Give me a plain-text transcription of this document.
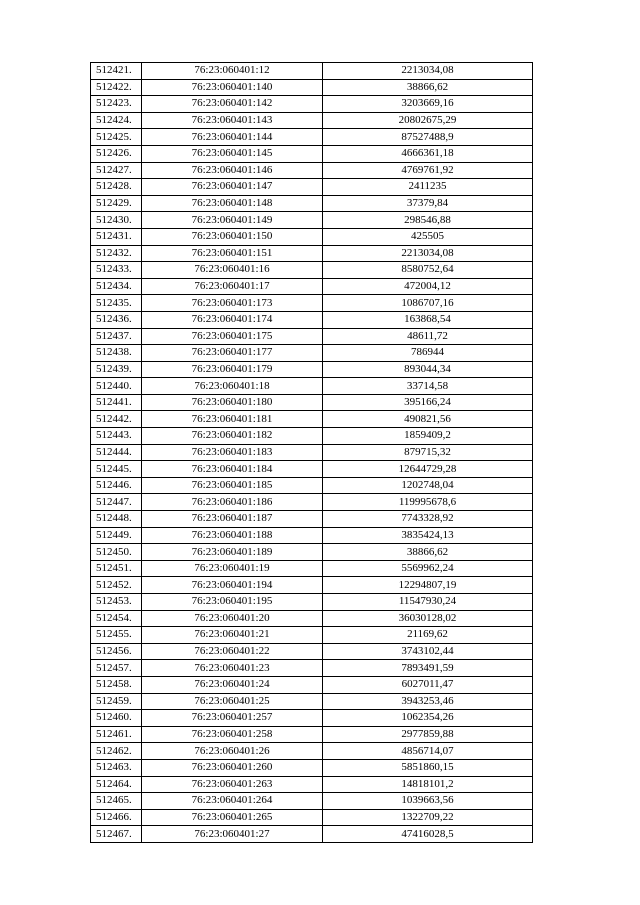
512421.	76:23:060401:12	2213034,08
512422.	76:23:060401:140	38866,62
512423.	76:23:060401:142	3203669,16
512424.	76:23:060401:143	20802675,29
512425.	76:23:060401:144	87527488,9
512426.	76:23:060401:145	4666361,18
512427.	76:23:060401:146	4769761,92
512428.	76:23:060401:147	2411235
512429.	76:23:060401:148	37379,84
512430.	76:23:060401:149	298546,88
512431.	76:23:060401:150	425505
512432.	76:23:060401:151	2213034,08
512433.	76:23:060401:16	8580752,64
512434.	76:23:060401:17	472004,12
512435.	76:23:060401:173	1086707,16
512436.	76:23:060401:174	163868,54
512437.	76:23:060401:175	48611,72
512438.	76:23:060401:177	786944
512439.	76:23:060401:179	893044,34
512440.	76:23:060401:18	33714,58
512441.	76:23:060401:180	395166,24
512442.	76:23:060401:181	490821,56
512443.	76:23:060401:182	1859409,2
512444.	76:23:060401:183	879715,32
512445.	76:23:060401:184	12644729,28
512446.	76:23:060401:185	1202748,04
512447.	76:23:060401:186	119995678,6
512448.	76:23:060401:187	7743328,92
512449.	76:23:060401:188	3835424,13
512450.	76:23:060401:189	38866,62
512451.	76:23:060401:19	5569962,24
512452.	76:23:060401:194	12294807,19
512453.	76:23:060401:195	11547930,24
512454.	76:23:060401:20	36030128,02
512455.	76:23:060401:21	21169,62
512456.	76:23:060401:22	3743102,44
512457.	76:23:060401:23	7893491,59
512458.	76:23:060401:24	6027011,47
512459.	76:23:060401:25	3943253,46
512460.	76:23:060401:257	1062354,26
512461.	76:23:060401:258	2977859,88
512462.	76:23:060401:26	4856714,07
512463.	76:23:060401:260	5851860,15
512464.	76:23:060401:263	14818101,2
512465.	76:23:060401:264	1039663,56
512466.	76:23:060401:265	1322709,22
512467.	76:23:060401:27	47416028,5
